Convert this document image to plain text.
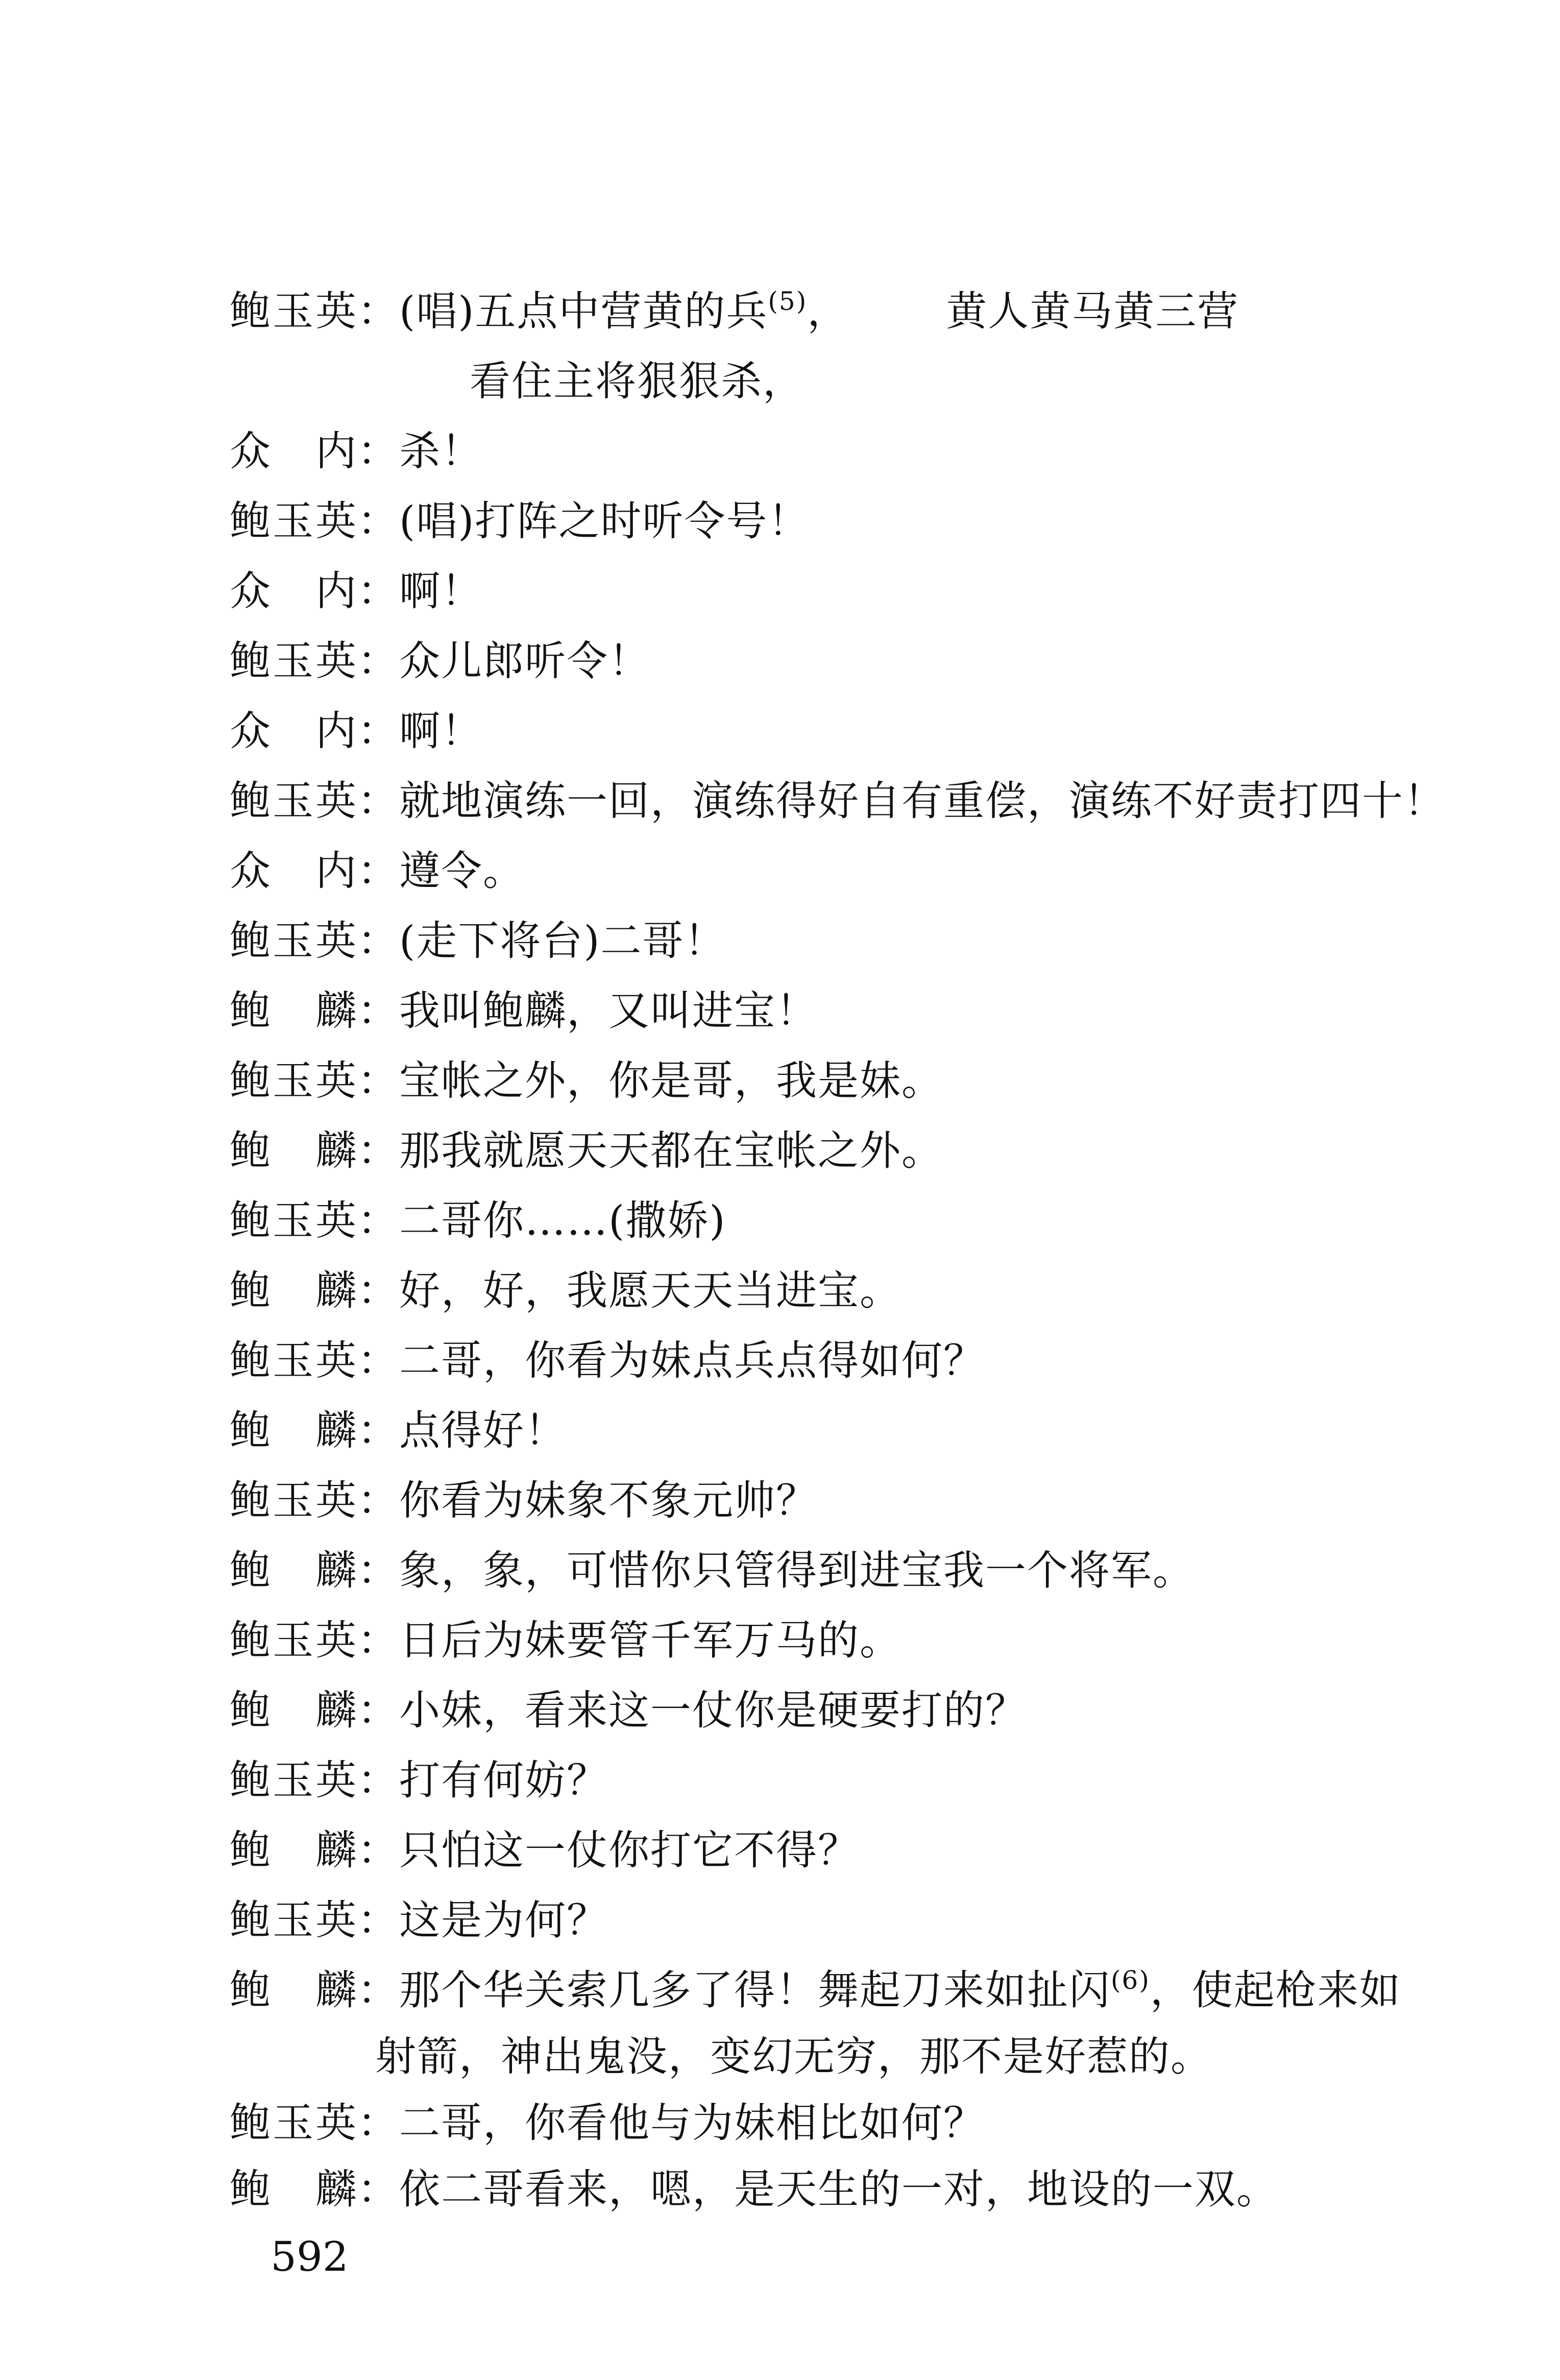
鲍玉英：(唱)五点中营黄的兵$^{(5)}$， 黄人黄马黄三营
看住主将狠狠杀，
众　内：杀！
鲍玉英：(唱)打阵之时听令号！
众　内：啊！
鲍玉英：众儿郎听令！
众　内：啊！
鲍玉英：就地演练一回，演练得好自有重偿，演练不好责打四十！
众　内：遵令。
鲍玉英：(走下将台)二哥！
鲍　麟：我叫鲍麟，又叫进宝！
鲍玉英：宝帐之外，你是哥，我是妹。
鲍　麟：那我就愿天天都在宝帐之外。
鲍玉英：二哥你……(撒娇)
鲍　麟：好，好，我愿天天当进宝。
鲍玉英：二哥，你看为妹点兵点得如何？
鲍　麟：点得好！
鲍玉英：你看为妹象不象元帅？
鲍　麟：象，象，可惜你只管得到进宝我一个将军。
鲍玉英：日后为妹要管千军万马的。
鲍　麟：小妹，看来这一仗你是硬要打的？
鲍玉英：打有何妨？
鲍　麟：只怕这一仗你打它不得？
鲍玉英：这是为何？
鲍　麟：那个华关索几多了得！舞起刀来如扯闪$^{(6)}$，使起枪来如
射箭，神出鬼没，变幻无穷，那不是好惹的。
鲍玉英：二哥，你看他与为妹相比如何？
鲍　麟：依二哥看来，嗯，是天生的一对，地设的一双。
592
